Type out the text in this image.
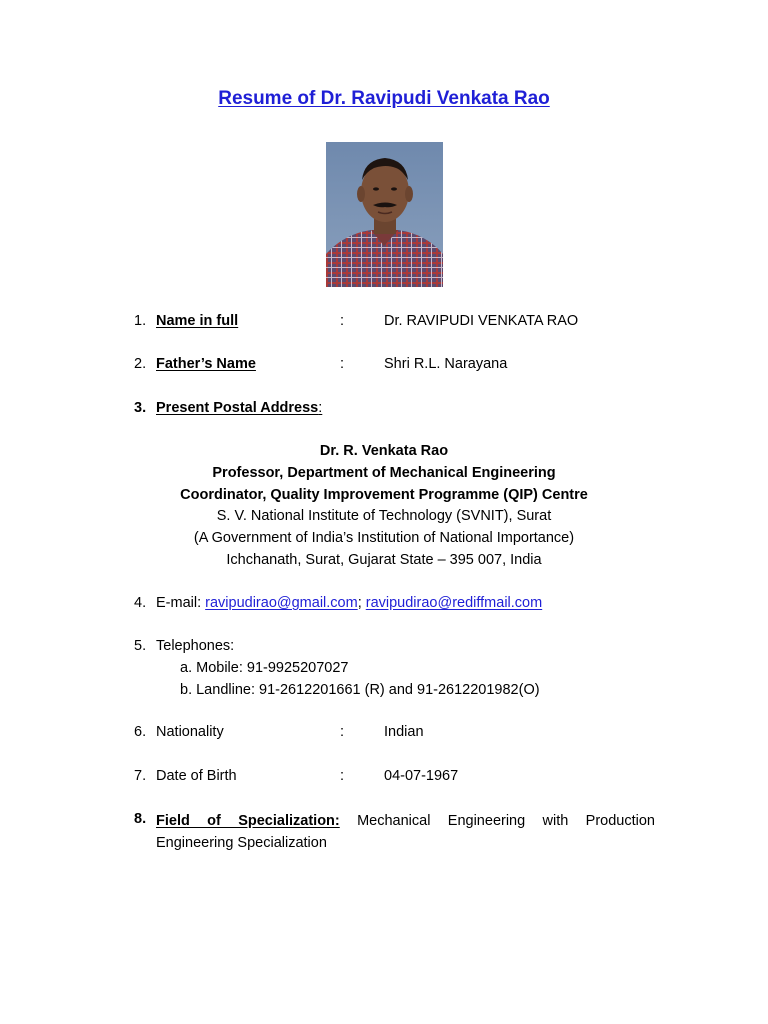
Resume of Dr. Ravipudi Venkata Rao
1. Name in full	:	Dr. RAVIPUDI VENKATA RAO
2. Father’s Name	:	Shri R.L. Narayana
3. Present Postal Address:
Dr. R. Venkata Rao
Professor, Department of Mechanical Engineering
Coordinator, Quality Improvement Programme (QIP) Centre
S. V. National Institute of Technology (SVNIT), Surat
(A Government of India’s Institution of National Importance)
Ichchanath, Surat, Gujarat State – 395 007, India
4. E-mail: ravipudirao@gmail.com; ravipudirao@rediffmail.com
5. Telephones:
a. Mobile: 91-9925207027
b. Landline: 91-2612201661 (R) and 91-2612201982(O)
6. Nationality	:	Indian
7. Date of Birth	:	04-07-1967
8. Field of Specialization: Mechanical Engineering with Production Engineering Specialization
